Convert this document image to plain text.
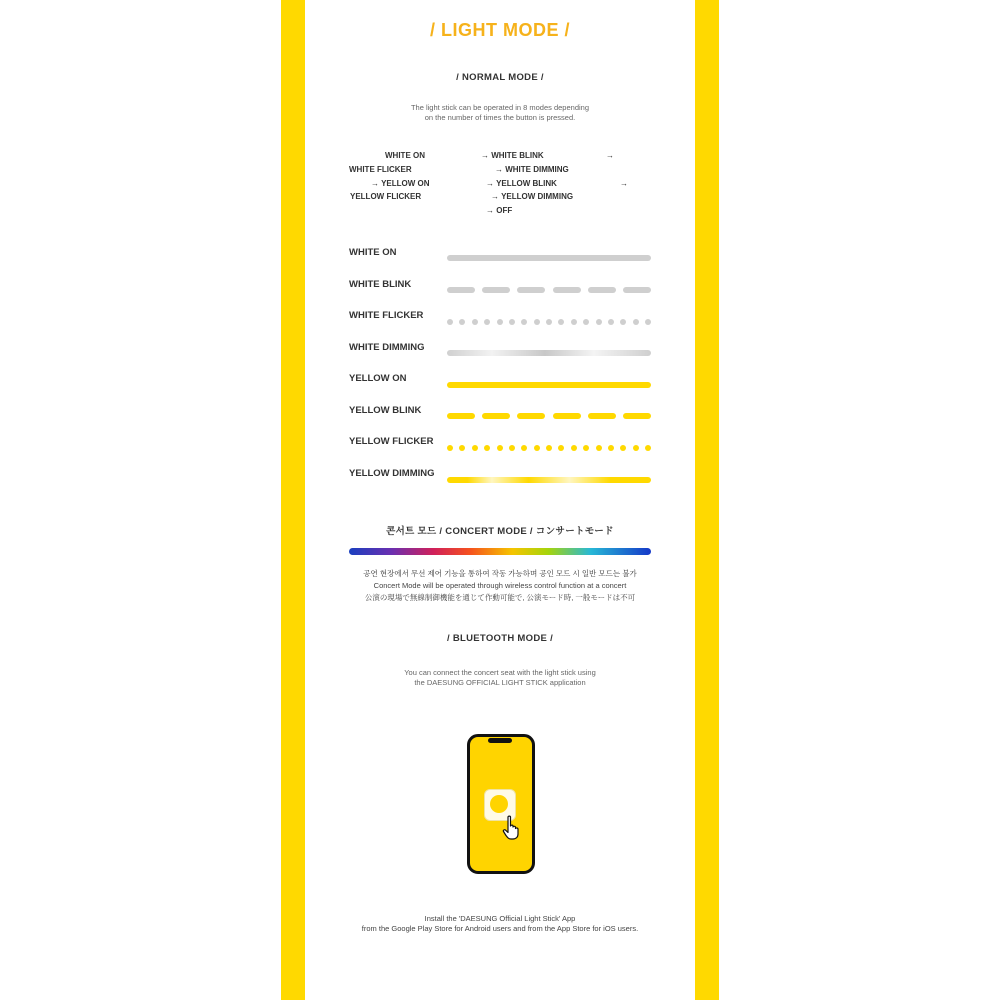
/ LIGHT MODE /
/ NORMAL MODE /
The light stick can be operated in 8 modes depending
on the number of times the button is pressed.
WHITE ON	→ WHITE BLINK	→
WHITE FLICKER	→ WHITE DIMMING
→ YELLOW ON	→ YELLOW BLINK	→
YELLOW FLICKER	→ YELLOW DIMMING
→ OFF
WHITE ON
WHITE BLINK
WHITE FLICKER
WHITE DIMMING
YELLOW ON
YELLOW BLINK
YELLOW FLICKER
YELLOW DIMMING
콘서트 모드 / CONCERT MODE / コンサートモード
공연 현장에서 무선 제어 기능을 통하여 작동 가능하며 공인 모드 시 일반 모드는 불가
Concert Mode will be operated through wireless control function at a concert
公演の現場で無線制御機能を通じて作動可能で, 公演モード時, 一般モードは不可
/ BLUETOOTH MODE /
You can connect the concert seat with the light stick using
the DAESUNG OFFICIAL LIGHT STICK application
Install the 'DAESUNG Official Light Stick' App
from the Google Play Store for Android users and from the App Store for iOS users.
